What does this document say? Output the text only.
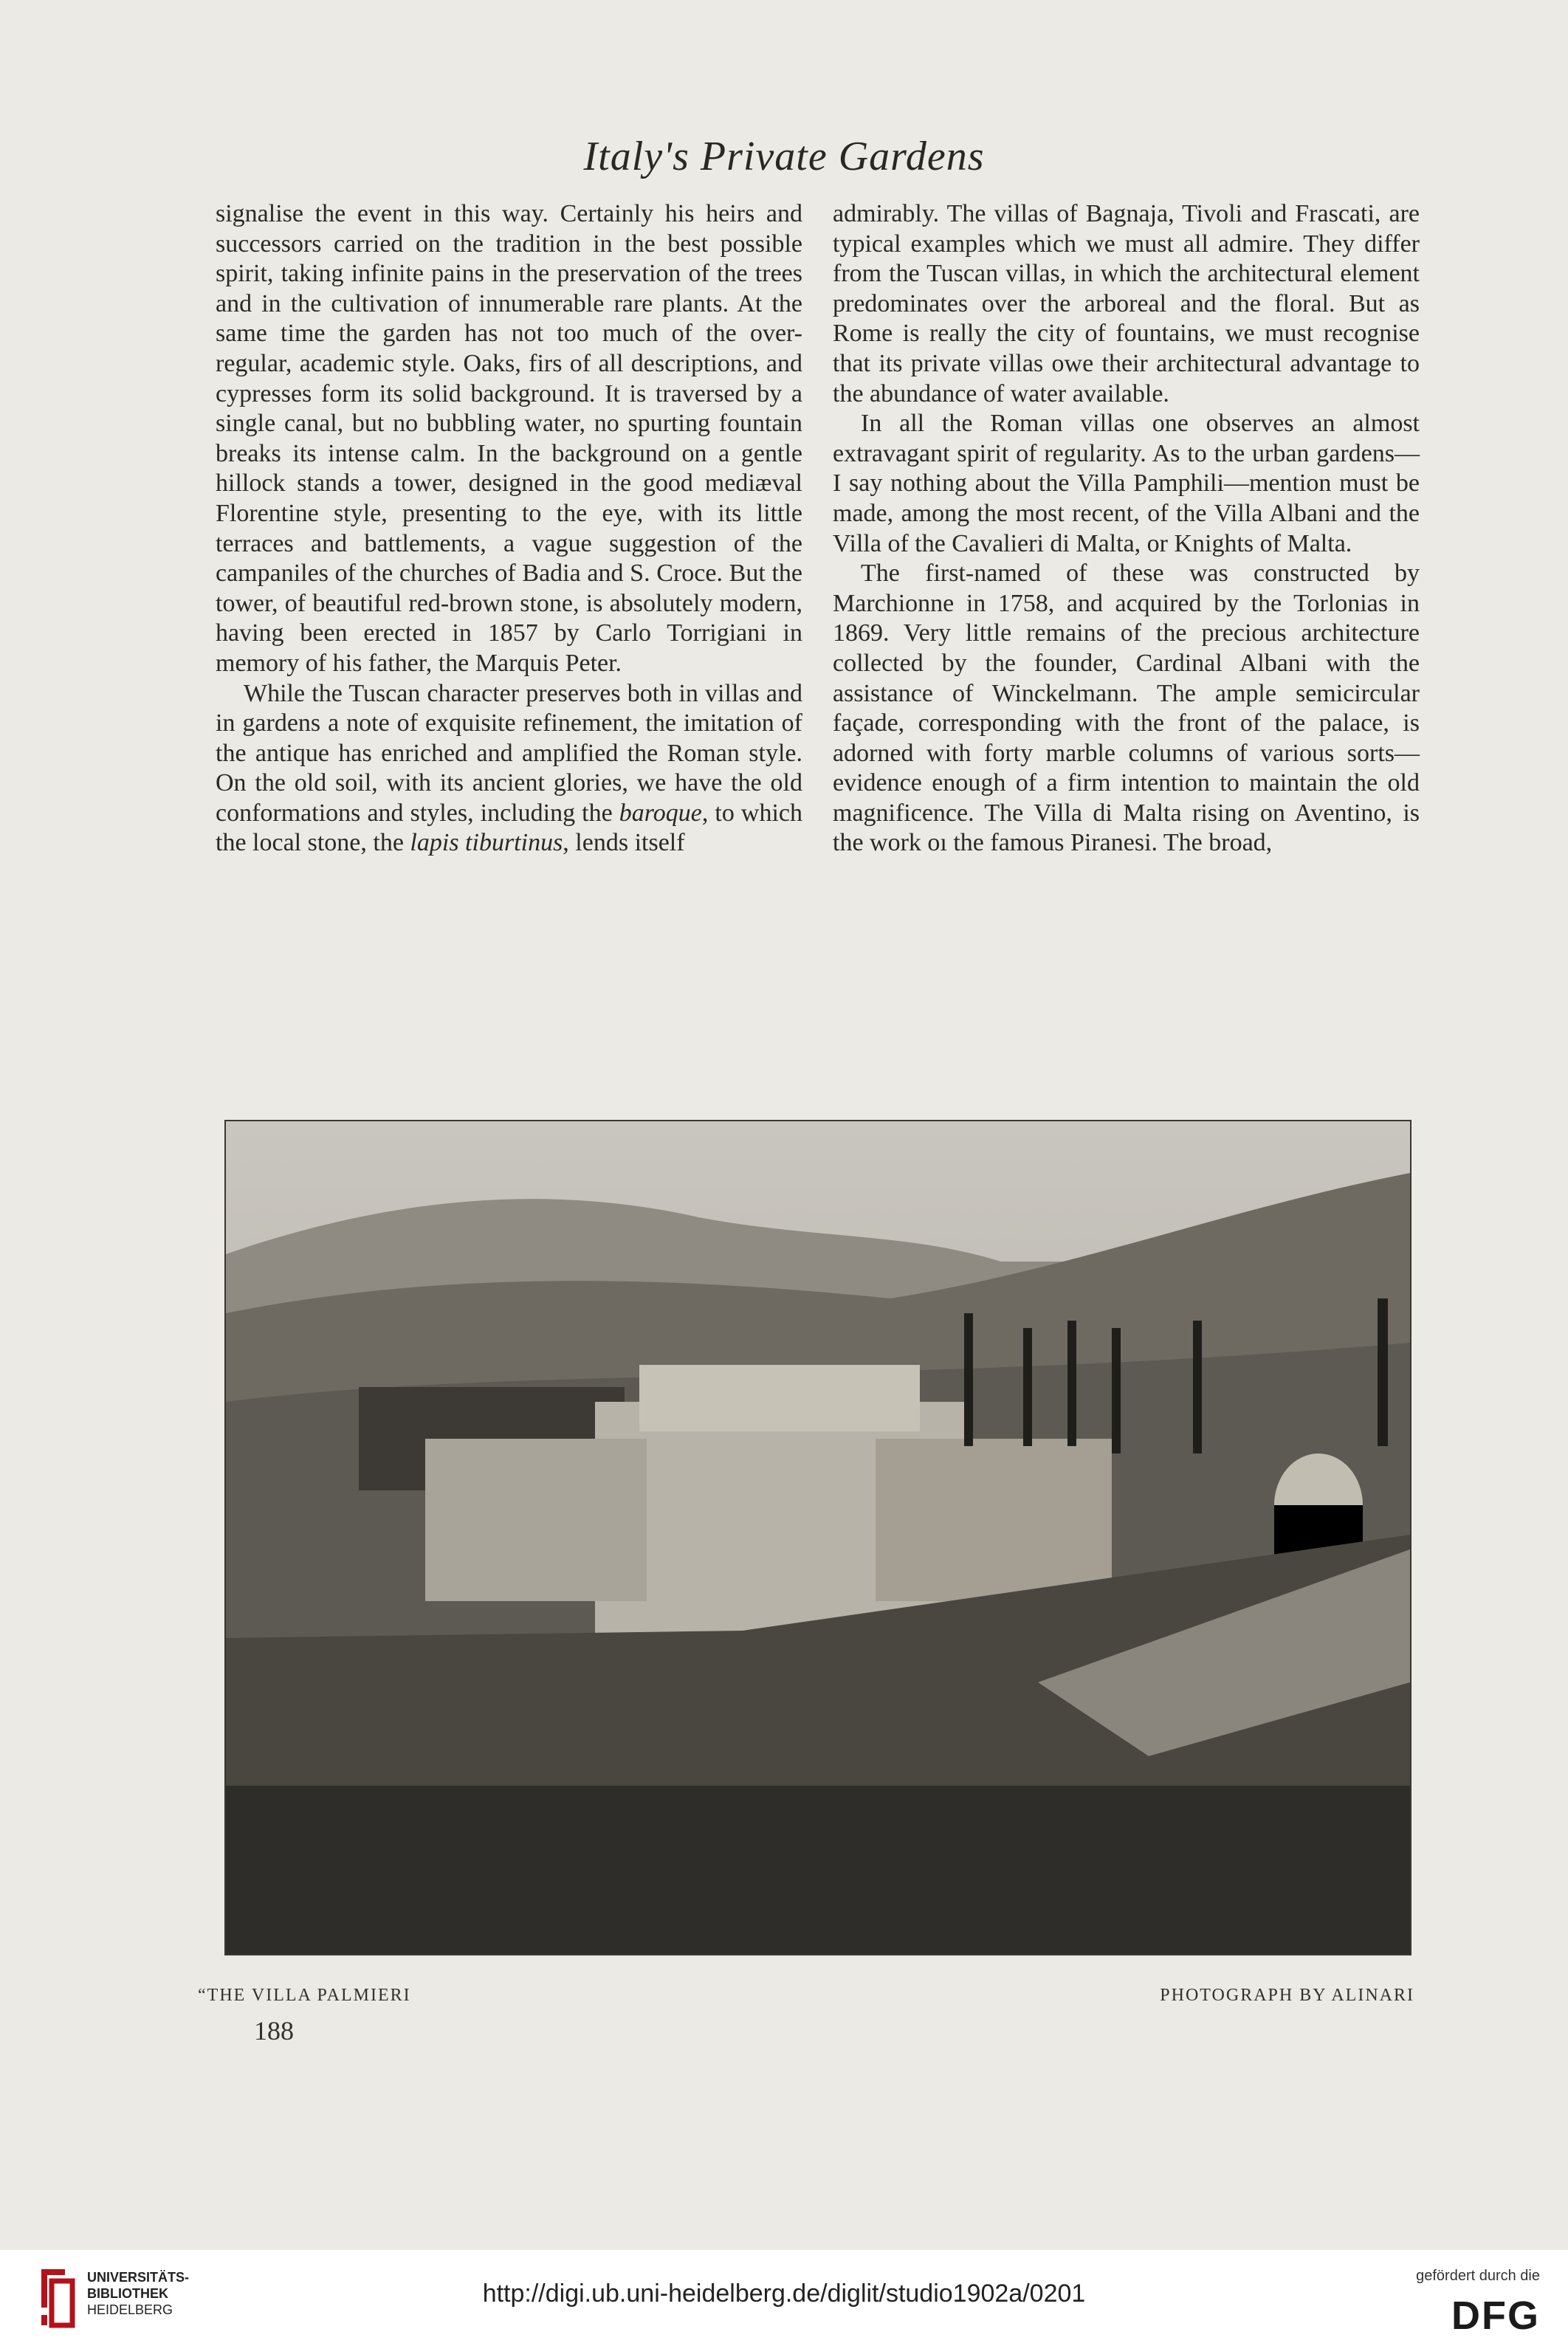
Italy's Private Gardens

signalise the event in this way. Certainly his heirs and successors carried on the tradition in the best possible spirit, taking infinite pains in the preservation of the trees and in the cultivation of innumerable rare plants. At the same time the garden has not too much of the over-regular, academic style. Oaks, firs of all descriptions, and cypresses form its solid background. It is traversed by a single canal, but no bubbling water, no spurting fountain breaks its intense calm. In the background on a gentle hillock stands a tower, designed in the good mediæval Florentine style, presenting to the eye, with its little terraces and battlements, a vague suggestion of the campaniles of the churches of Badia and S. Croce. But the tower, of beautiful red-brown stone, is absolutely modern, having been erected in 1857 by Carlo Torrigiani in memory of his father, the Marquis Peter.

While the Tuscan character preserves both in villas and in gardens a note of exquisite refinement, the imitation of the antique has enriched and amplified the Roman style. On the old soil, with its ancient glories, we have the old conformations and styles, including the baroque, to which the local stone, the lapis tiburtinus, lends itself

admirably. The villas of Bagnaja, Tivoli and Frascati, are typical examples which we must all admire. They differ from the Tuscan villas, in which the architectural element predominates over the arboreal and the floral. But as Rome is really the city of fountains, we must recognise that its private villas owe their architectural advantage to the abundance of water available.

In all the Roman villas one observes an almost extravagant spirit of regularity. As to the urban gardens—I say nothing about the Villa Pamphili—mention must be made, among the most recent, of the Villa Albani and the Villa of the Cavalieri di Malta, or Knights of Malta.

The first-named of these was constructed by Marchionne in 1758, and acquired by the Torlonias in 1869. Very little remains of the precious architecture collected by the founder, Cardinal Albani with the assistance of Winckelmann. The ample semicircular façade, corresponding with the front of the palace, is adorned with forty marble columns of various sorts—evidence enough of a firm intention to maintain the old magnificence. The Villa di Malta rising on Aventino, is the work oı the famous Piranesi. The broad,

“THE VILLA PALMIERI	PHOTOGRAPH BY ALINARI
188
UNIVERSITÄTS-
BIBLIOTHEK
HEIDELBERG
http://digi.ub.uni-heidelberg.de/diglit/studio1902a/0201
gefördert durch die
DFG
